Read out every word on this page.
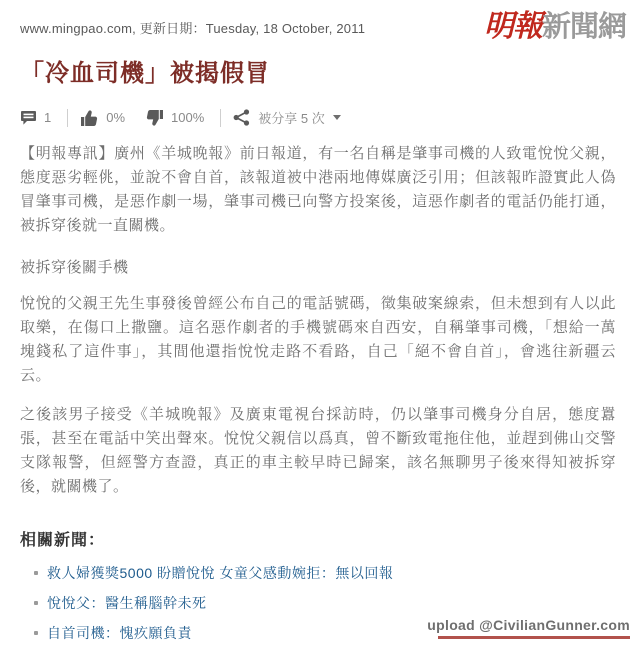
www.mingpao.com, 更新日期：Tuesday, 18 October, 2011	明報新聞網
「冷血司機」被揭假冒
1	0%	100%	被分享 5 次

【明報專訊】廣州《羊城晚報》前日報道，有一名自稱是肇事司機的人致電悅悅父親，態度惡劣輕佻，並說不會自首，該報道被中港兩地傳媒廣泛引用；但該報昨證實此人偽冒肇事司機，是惡作劇一場，肇事司機已向警方投案後，這惡作劇者的電話仍能打通，被拆穿後就一直關機。

被拆穿後關手機

悅悅的父親王先生事發後曾經公布自己的電話號碼，徵集破案線索，但未想到有人以此取樂，在傷口上撒鹽。這名惡作劇者的手機號碼來自西安，自稱肇事司機，「想給一萬塊錢私了這件事」，其間他還指悅悅走路不看路，自己「絕不會自首」，會逃往新疆云云。

之後該男子接受《羊城晚報》及廣東電視台採訪時，仍以肇事司機身分自居，態度囂張，甚至在電話中笑出聲來。悅悅父親信以爲真，曾不斷致電拖住他，並趕到佛山交警支隊報警，但經警方查證，真正的車主較早時已歸案，該名無聊男子後來得知被拆穿後，就關機了。

相關新聞：
救人婦獲獎5000 盼贈悅悅 女童父感動婉拒：無以回報
悅悅父：醫生稱腦幹未死
自首司機：愧疚願負責	upload @CivilianGunner.com
